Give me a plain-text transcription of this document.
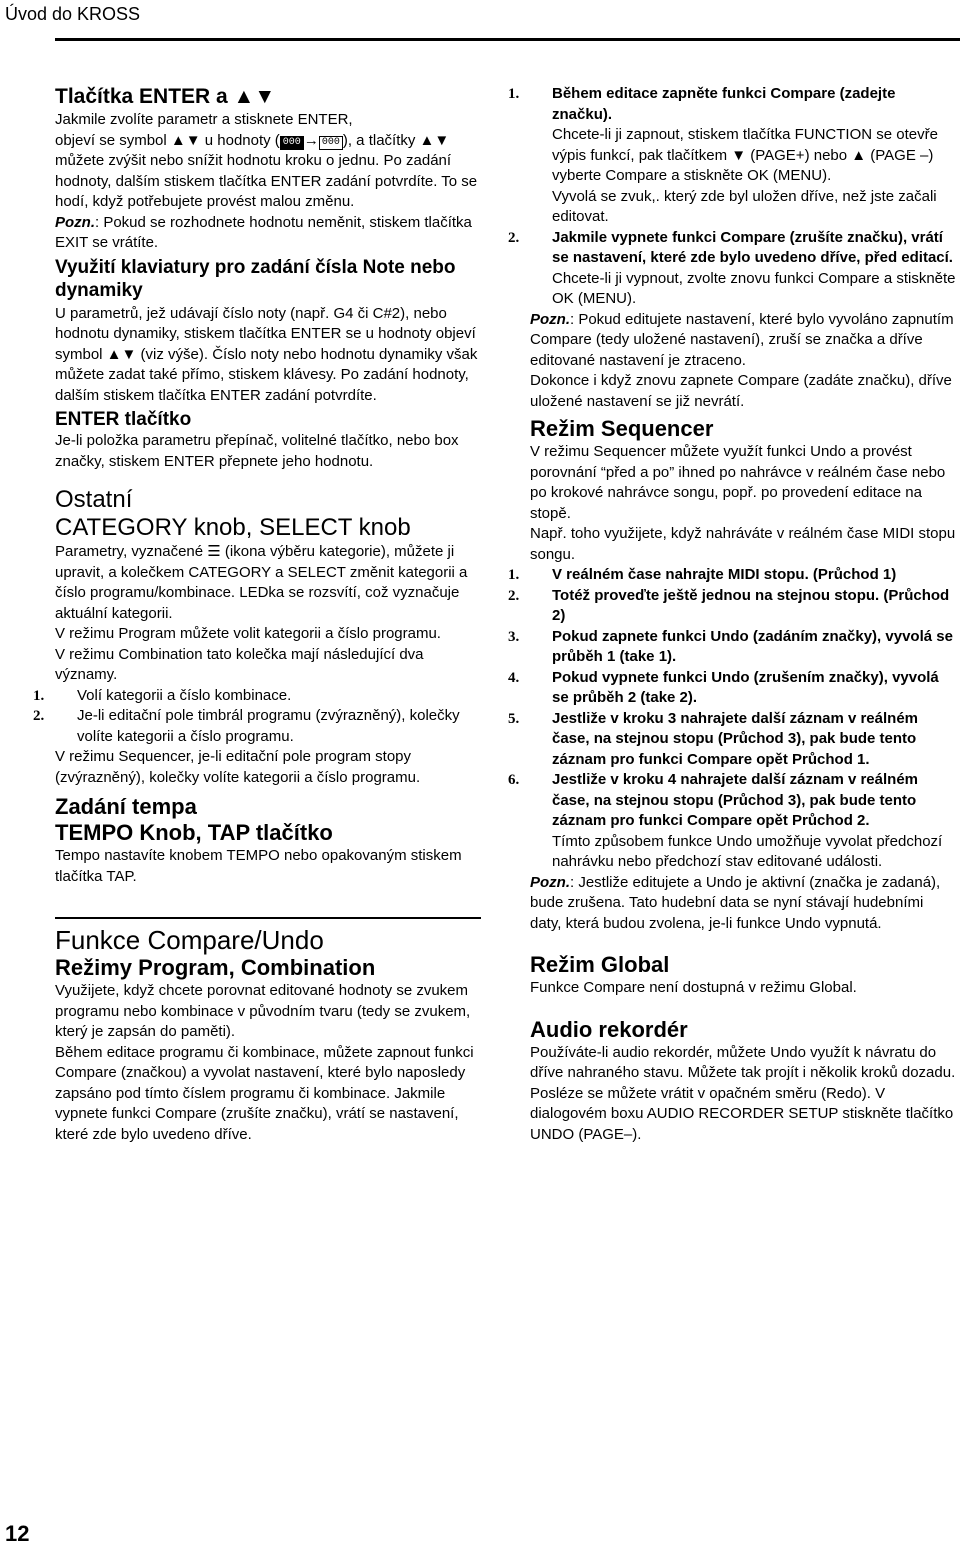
Úvod do KROSS
Tlačítka ENTER a ▲▼
Jakmile zvolíte parametr a stisknete ENTER,
objeví se symbol ▲▼ u hodnoty ( 000 → 000 ), a tlačítky ▲▼ můžete zvýšit nebo snížit hodnotu kroku o jednu. Po zadání hodnoty, dalším stiskem tlačítka ENTER zadání potvrdíte. To se hodí, když potřebujete provést malou změnu.
Pozn.: Pokud se rozhodnete hodnotu neměnit, stiskem tlačítka EXIT se vrátíte.
Využití klaviatury pro zadání čísla Note nebo dynamiky
U parametrů, jež udávají číslo noty (např. G4 či C#2), nebo hodnotu dynamiky, stiskem tlačítka ENTER se u hodnoty objeví symbol ▲▼ (viz výše). Číslo noty nebo hodnotu dynamiky však můžete zadat také přímo, stiskem klávesy. Po zadání hodnoty, dalším stiskem tlačítka ENTER zadání potvrdíte.
ENTER tlačítko
Je-li položka parametru přepínač, volitelné tlačítko, nebo box značky, stiskem ENTER přepnete jeho hodnotu.
Ostatní
CATEGORY knob, SELECT knob
Parametry, vyznačené ☰ (ikona výběru kategorie), můžete ji upravit, a kolečkem CATEGORY a SELECT změnit kategorii a číslo programu/kombinace. LEDka se rozsvítí, což vyznačuje aktuální kategorii.
V režimu Program můžete volit kategorii a číslo programu.
V režimu Combination tato kolečka mají následující dva významy.
1. Volí kategorii a číslo kombinace.
2. Je-li editační pole timbrál programu (zvýrazněný), kolečky volíte kategorii a číslo programu.
V režimu Sequencer, je-li editační pole program stopy (zvýrazněný), kolečky volíte kategorii a číslo programu.
Zadání tempa
TEMPO Knob, TAP tlačítko
Tempo nastavíte knobem TEMPO nebo opakovaným stiskem tlačítka TAP.
Funkce Compare/Undo
Režimy Program, Combination
Využijete, když chcete porovnat editované hodnoty se zvukem programu nebo kombinace v původním tvaru (tedy se zvukem, který je zapsán do paměti).
Během editace programu či kombinace, můžete zapnout funkci Compare (značkou) a vyvolat nastavení, které bylo naposledy zapsáno pod tímto číslem programu či kombinace. Jakmile vypnete funkci Compare (zrušíte značku), vrátí se nastavení, které zde bylo uvedeno dříve.
1. Během editace zapněte funkci Compare (zadejte značku).
Chcete-li ji zapnout, stiskem tlačítka FUNCTION se otevře výpis funkcí, pak tlačítkem ▼ (PAGE+) nebo ▲ (PAGE –) vyberte Compare a stiskněte OK (MENU).
Vyvolá se zvuk,. který zde byl uložen dříve, než jste začali editovat.
2. Jakmile vypnete funkci Compare (zrušíte značku), vrátí se nastavení, které zde bylo uvedeno dříve, před editací.
Chcete-li ji vypnout, zvolte znovu funkci Compare a stiskněte OK (MENU).
Pozn.: Pokud editujete nastavení, které bylo vyvoláno zapnutím Compare (tedy uložené nastavení), zruší se značka a dříve editované nastavení je ztraceno.
Dokonce i když znovu zapnete Compare (zadáte značku), dříve uložené nastavení se již nevrátí.
Režim Sequencer
V režimu Sequencer můžete využít funkci Undo a provést porovnání “před a po” ihned po nahrávce v reálném čase nebo po krokové nahrávce songu, popř. po provedení editace na stopě.
Např. toho využijete, když nahráváte v reálném čase MIDI stopu songu.
1. V reálném čase nahrajte MIDI stopu. (Průchod 1)
2. Totéž proveďte ještě jednou na stejnou stopu. (Průchod 2)
3. Pokud zapnete funkci Undo (zadáním značky), vyvolá se průběh 1 (take 1).
4. Pokud vypnete funkci Undo (zrušením značky), vyvolá se průběh 2 (take 2).
5. Jestliže v kroku 3 nahrajete další záznam v reálném čase, na stejnou stopu (Průchod 3), pak bude tento záznam pro funkci Compare opět Průchod 1.
6. Jestliže v kroku 4 nahrajete další záznam v reálném čase, na stejnou stopu (Průchod 3), pak bude tento záznam pro funkci Compare opět Průchod 2.
Tímto způsobem funkce Undo umožňuje vyvolat předchozí nahrávku nebo předchozí stav editované události.
Pozn.: Jestliže editujete a Undo je aktivní (značka je zadaná), bude zrušena. Tato hudební data se nyní stávají hudebními daty, která budou zvolena, je-li funkce Undo vypnutá.
Režim Global
Funkce Compare není dostupná v režimu Global.
Audio rekordér
Používáte-li audio rekordér, můžete Undo využít k návratu do dříve nahraného stavu. Můžete tak projít i několik kroků dozadu. Posléze se můžete vrátit v opačném směru (Redo). V dialogovém boxu AUDIO RECORDER SETUP stiskněte tlačítko UNDO (PAGE–).
12
